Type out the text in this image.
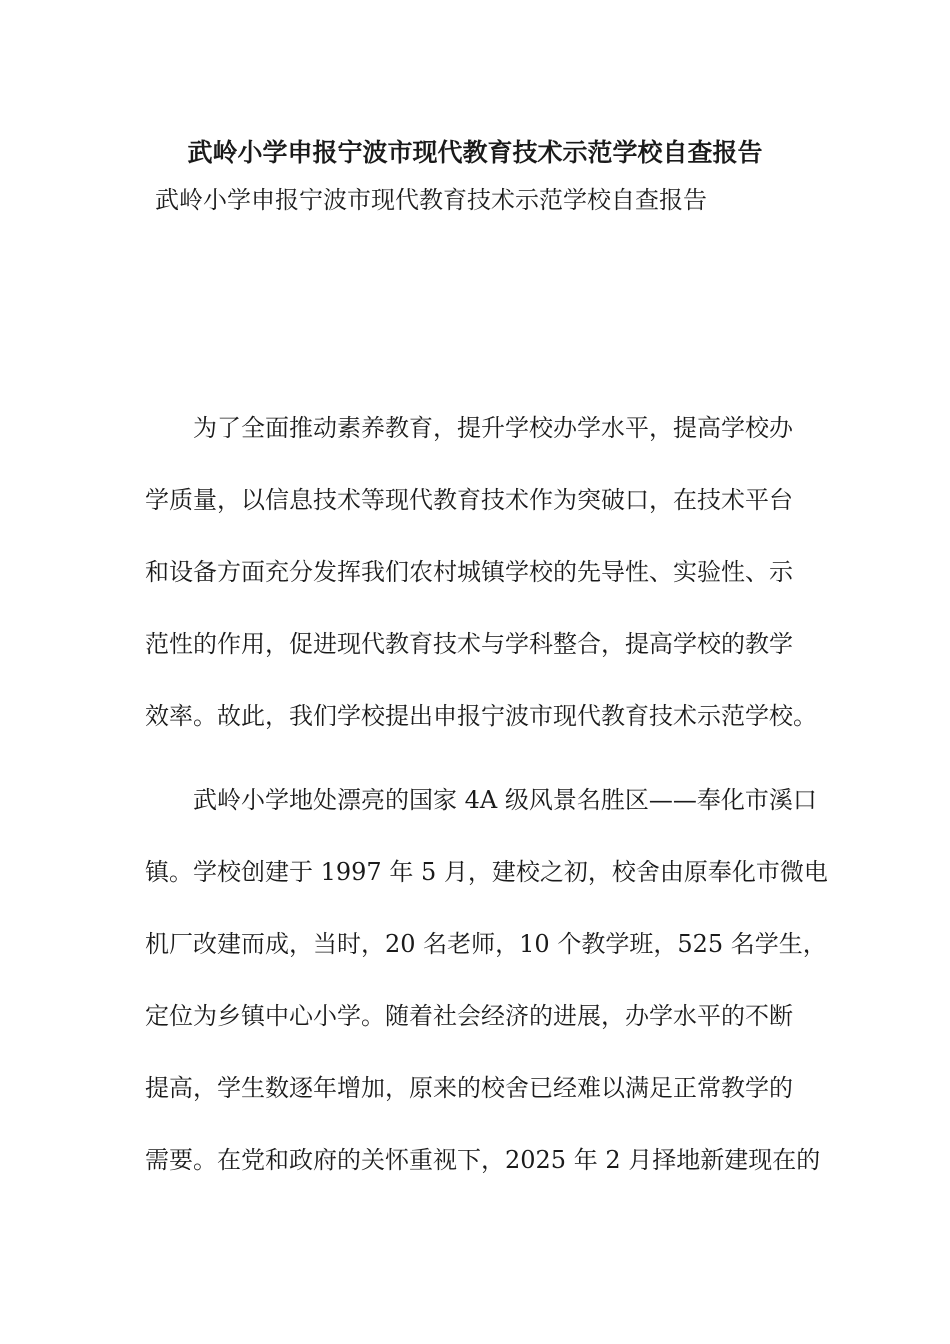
武岭小学申报宁波市现代教育技术示范学校自查报告

武岭小学申报宁波市现代教育技术示范学校自查报告

为了全面推动素养教育，提升学校办学水平，提高学校办

学质量，以信息技术等现代教育技术作为突破口，在技术平台

和设备方面充分发挥我们农村城镇学校的先导性、实验性、示

范性的作用，促进现代教育技术与学科整合，提高学校的教学

效率。故此，我们学校提出申报宁波市现代教育技术示范学校。

武岭小学地处漂亮的国家 4A 级风景名胜区——奉化市溪口

镇。学校创建于 1997 年 5 月，建校之初，校舍由原奉化市微电

机厂改建而成，当时，20 名老师，10 个教学班，525 名学生，

定位为乡镇中心小学。随着社会经济的进展，办学水平的不断

提高，学生数逐年增加，原来的校舍已经难以满足正常教学的

需要。在党和政府的关怀重视下，2025 年 2 月择地新建现在的
